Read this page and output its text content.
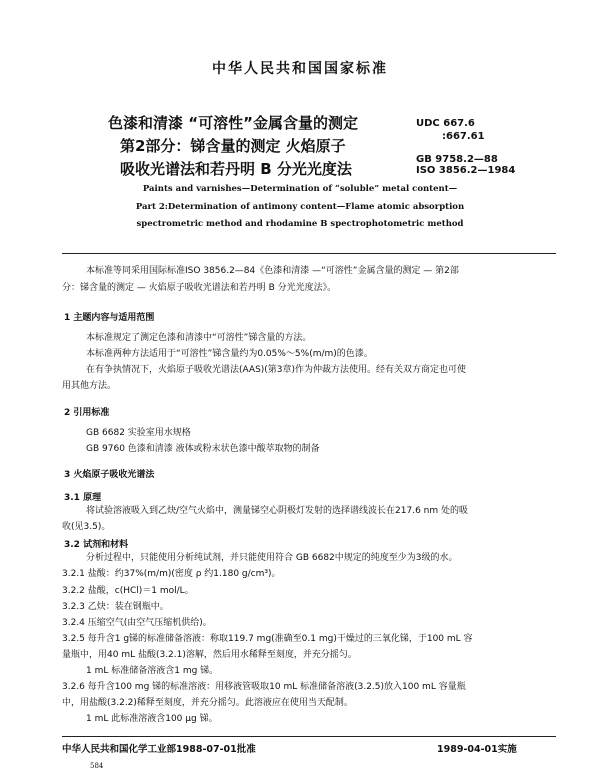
中华人民共和国国家标准
色漆和清漆 “可溶性”金属含量的测定
第2部分：锑含量的测定 火焰原子
吸收光谱法和若丹明 B 分光光度法
UDC 667.6
:667.61
GB 9758.2—88
ISO 3856.2—1984
Paints and varnishes—Determination of “soluble” metal content—
Part 2:Determination of antimony content—Flame atomic absorption
spectrometric method and rhodamine B spectrophotometric method
本标准等同采用国际标准ISO 3856.2—84《色漆和清漆 —“可溶性”金属含量的测定 — 第2部
分：锑含量的测定 — 火焰原子吸收光谱法和若丹明 B 分光光度法》。
1 主题内容与适用范围
本标准规定了测定色漆和清漆中“可溶性”锑含量的方法。
本标准两种方法适用于“可溶性”锑含量约为0.05%～5%(m/m)的色漆。
在有争执情况下，火焰原子吸收光谱法(AAS)(第3章)作为仲裁方法使用。经有关双方商定也可使
用其他方法。
2 引用标准
GB 6682 实验室用水规格
GB 9760 色漆和清漆 液体或粉末状色漆中酸萃取物的制备
3 火焰原子吸收光谱法
3.1 原理
将试验溶液吸入到乙炔/空气火焰中，测量锑空心阴极灯发射的选择谱线波长在217.6 nm 处的吸
收(见3.5)。
3.2 试剂和材料
分析过程中，只能使用分析纯试剂，并只能使用符合 GB 6682中规定的纯度至少为3级的水。
3.2.1 盐酸：约37%(m/m)(密度 ρ 约1.180 g/cm³)。
3.2.2 盐酸，c(HCl)＝1 mol/L。
3.2.3 乙炔：装在钢瓶中。
3.2.4 压缩空气(由空气压缩机供给)。
3.2.5 每升含1 g锑的标准储备溶液：称取119.7 mg(准确至0.1 mg)干燥过的三氧化锑，于100 mL 容
量瓶中，用40 mL 盐酸(3.2.1)溶解，然后用水稀释至刻度，并充分摇匀。
1 mL 标准储备溶液含1 mg 锑。
3.2.6 每升含100 mg 锑的标准溶液：用移液管吸取10 mL 标准储备溶液(3.2.5)放入100 mL 容量瓶
中，用盐酸(3.2.2)稀释至刻度，并充分摇匀。此溶液应在使用当天配制。
1 mL 此标准溶液含100 μg 锑。
中华人民共和国化学工业部1988-07-01批准	1989-04-01实施
584
